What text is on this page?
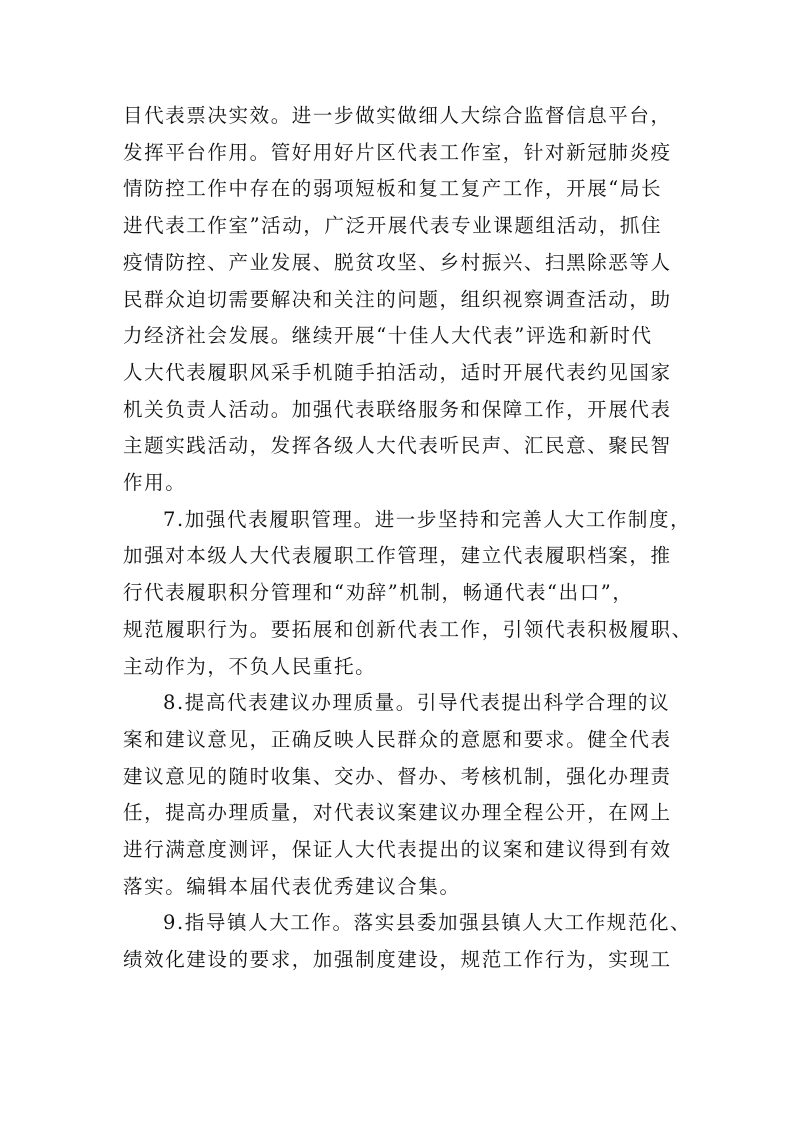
目代表票决实效。进一步做实做细人大综合监督信息平台，
发挥平台作用。管好用好片区代表工作室，针对新冠肺炎疫
情防控工作中存在的弱项短板和复工复产工作，开展“局长
进代表工作室”活动，广泛开展代表专业课题组活动，抓住
疫情防控、产业发展、脱贫攻坚、乡村振兴、扫黑除恶等人
民群众迫切需要解决和关注的问题，组织视察调查活动，助
力经济社会发展。继续开展“十佳人大代表”评选和新时代
人大代表履职风采手机随手拍活动，适时开展代表约见国家
机关负责人活动。加强代表联络服务和保障工作，开展代表
主题实践活动，发挥各级人大代表听民声、汇民意、聚民智
作用。
7.加强代表履职管理。进一步坚持和完善人大工作制度，
加强对本级人大代表履职工作管理，建立代表履职档案，推
行代表履职积分管理和“劝辞”机制，畅通代表“出口”，
规范履职行为。要拓展和创新代表工作，引领代表积极履职、
主动作为，不负人民重托。
8.提高代表建议办理质量。引导代表提出科学合理的议
案和建议意见，正确反映人民群众的意愿和要求。健全代表
建议意见的随时收集、交办、督办、考核机制，强化办理责
任，提高办理质量，对代表议案建议办理全程公开，在网上
进行满意度测评，保证人大代表提出的议案和建议得到有效
落实。编辑本届代表优秀建议合集。
9.指导镇人大工作。落实县委加强县镇人大工作规范化、
绩效化建设的要求，加强制度建设，规范工作行为，实现工
